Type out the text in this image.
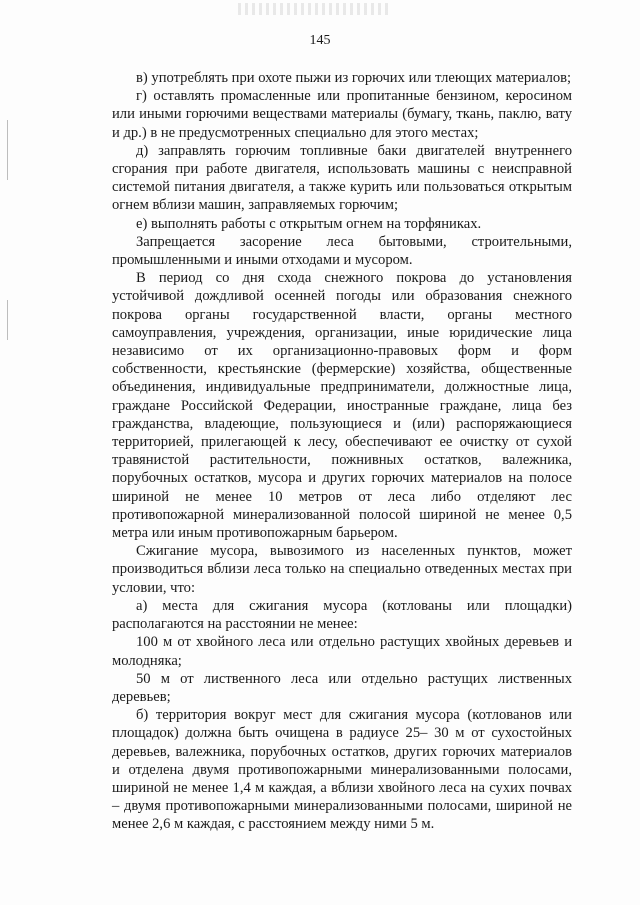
145

в) употреблять при охоте пыжи из горючих или тлеющих материалов;

г) оставлять промасленные или пропитанные бензином, керосином или иными горючими веществами материалы (бумагу, ткань, паклю, вату и др.) в не предусмотренных специально для этого местах;

д) заправлять горючим топливные баки двигателей внутреннего сгорания при работе двигателя, использовать машины с неисправной системой питания двигателя, а также курить или пользоваться открытым огнем вблизи машин, заправляемых горючим;

е) выполнять работы с открытым огнем на торфяниках.

Запрещается засорение леса бытовыми, строительными, промышленными и иными отходами и мусором.

В период со дня схода снежного покрова до установления устойчивой дождливой осенней погоды или образования снежного покрова органы государственной власти, органы местного самоуправления, учреждения, организации, иные юридические лица независимо от их организационно-правовых форм и форм собственности, крестьянские (фермерские) хозяйства, общественные объединения, индивидуальные предприниматели, должностные лица, граждане Российской Федерации, иностранные граждане, лица без гражданства, владеющие, пользующиеся и (или) распоряжающиеся территорией, прилегающей к лесу, обеспечивают ее очистку от сухой травянистой растительности, пожнивных остатков, валежника, порубочных остатков, мусора и других горючих материалов на полосе шириной не менее 10 метров от леса либо отделяют лес противопожарной минерализованной полосой шириной не менее 0,5 метра или иным противопожарным барьером.

Сжигание мусора, вывозимого из населенных пунктов, может производиться вблизи леса только на специально отведенных местах при условии, что:

а) места для сжигания мусора (котлованы или площадки) располагаются на расстоянии не менее:

100 м от хвойного леса или отдельно растущих хвойных деревьев и молодняка;

50 м от лиственного леса или отдельно растущих лиственных деревьев;

б) территория вокруг мест для сжигания мусора (котлованов или площадок) должна быть очищена в радиусе 25– 30 м от сухостойных деревьев, валежника, порубочных остатков, других горючих материалов и отделена двумя противопожарными минерализованными полосами, шириной не менее 1,4 м каждая, а вблизи хвойного леса на сухих почвах – двумя противопожарными минерализованными полосами, шириной не менее 2,6 м каждая, с расстоянием между ними 5 м.
